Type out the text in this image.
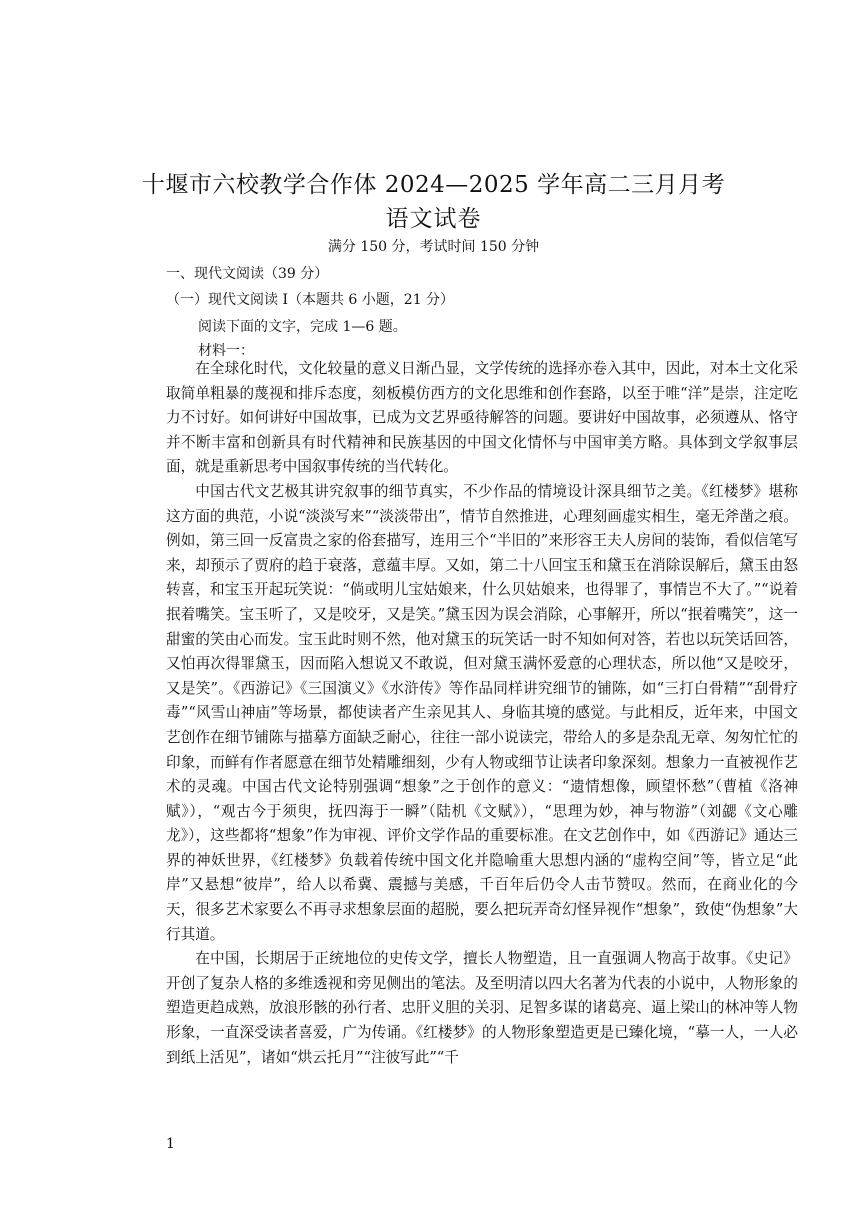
十堰市六校教学合作体 2024—2025 学年高二三月月考
语文试卷
满分 150 分，考试时间 150 分钟
一、现代文阅读（39 分）
（一）现代文阅读 I（本题共 6 小题，21 分）
阅读下面的文字，完成 1—6 题。
材料一：

在全球化时代，文化较量的意义日渐凸显，文学传统的选择亦卷入其中，因此，对本土文化采取简单粗暴的蔑视和排斥态度，刻板模仿西方的文化思维和创作套路，以至于唯“洋”是崇，注定吃力不讨好。如何讲好中国故事，已成为文艺界亟待解答的问题。要讲好中国故事，必须遵从、恪守并不断丰富和创新具有时代精神和民族基因的中国文化情怀与中国审美方略。具体到文学叙事层面，就是重新思考中国叙事传统的当代转化。

中国古代文艺极其讲究叙事的细节真实，不少作品的情境设计深具细节之美。《红楼梦》堪称这方面的典范，小说“淡淡写来”“淡淡带出”，情节自然推进，心理刻画虚实相生，毫无斧凿之痕。例如，第三回一反富贵之家的俗套描写，连用三个“半旧的”来形容王夫人房间的装饰，看似信笔写来，却预示了贾府的趋于衰落，意蕴丰厚。又如，第二十八回宝玉和黛玉在消除误解后，黛玉由怒转喜，和宝玉开起玩笑说：“倘或明儿宝姑娘来，什么贝姑娘来，也得罪了，事情岂不大了。”“说着抿着嘴笑。宝玉听了，又是咬牙，又是笑。”黛玉因为误会消除，心事解开，所以“抿着嘴笑”，这一甜蜜的笑由心而发。宝玉此时则不然，他对黛玉的玩笑话一时不知如何对答，若也以玩笑话回答，又怕再次得罪黛玉，因而陷入想说又不敢说，但对黛玉满怀爱意的心理状态，所以他“又是咬牙，又是笑”。《西游记》《三国演义》《水浒传》等作品同样讲究细节的铺陈，如“三打白骨精”“刮骨疗毒”“风雪山神庙”等场景，都使读者产生亲见其人、身临其境的感觉。与此相反，近年来，中国文艺创作在细节铺陈与描摹方面缺乏耐心，往往一部小说读完，带给人的多是杂乱无章、匆匆忙忙的印象，而鲜有作者愿意在细节处精雕细刻，少有人物或细节让读者印象深刻。想象力一直被视作艺术的灵魂。中国古代文论特别强调“想象”之于创作的意义：“遗情想像，顾望怀愁”（曹植《洛神赋》），“观古今于须臾，抚四海于一瞬”（陆机《文赋》），“思理为妙，神与物游”（刘勰《文心雕龙》），这些都将“想象”作为审视、评价文学作品的重要标准。在文艺创作中，如《西游记》通达三界的神妖世界，《红楼梦》负载着传统中国文化并隐喻重大思想内涵的“虚构空间”等，皆立足“此岸”又悬想“彼岸”，给人以希冀、震撼与美感，千百年后仍令人击节赞叹。然而，在商业化的今天，很多艺术家要么不再寻求想象层面的超脱，要么把玩弄奇幻怪异视作“想象”，致使“伪想象”大行其道。

在中国，长期居于正统地位的史传文学，擅长人物塑造，且一直强调人物高于故事。《史记》开创了复杂人格的多维透视和旁见侧出的笔法。及至明清以四大名著为代表的小说中，人物形象的塑造更趋成熟，放浪形骸的孙行者、忠肝义胆的关羽、足智多谋的诸葛亮、逼上梁山的林冲等人物形象，一直深受读者喜爱，广为传诵。《红楼梦》的人物形象塑造更是已臻化境，“摹一人，一人必到纸上活见”，诸如“烘云托月”“注彼写此”“千

1
